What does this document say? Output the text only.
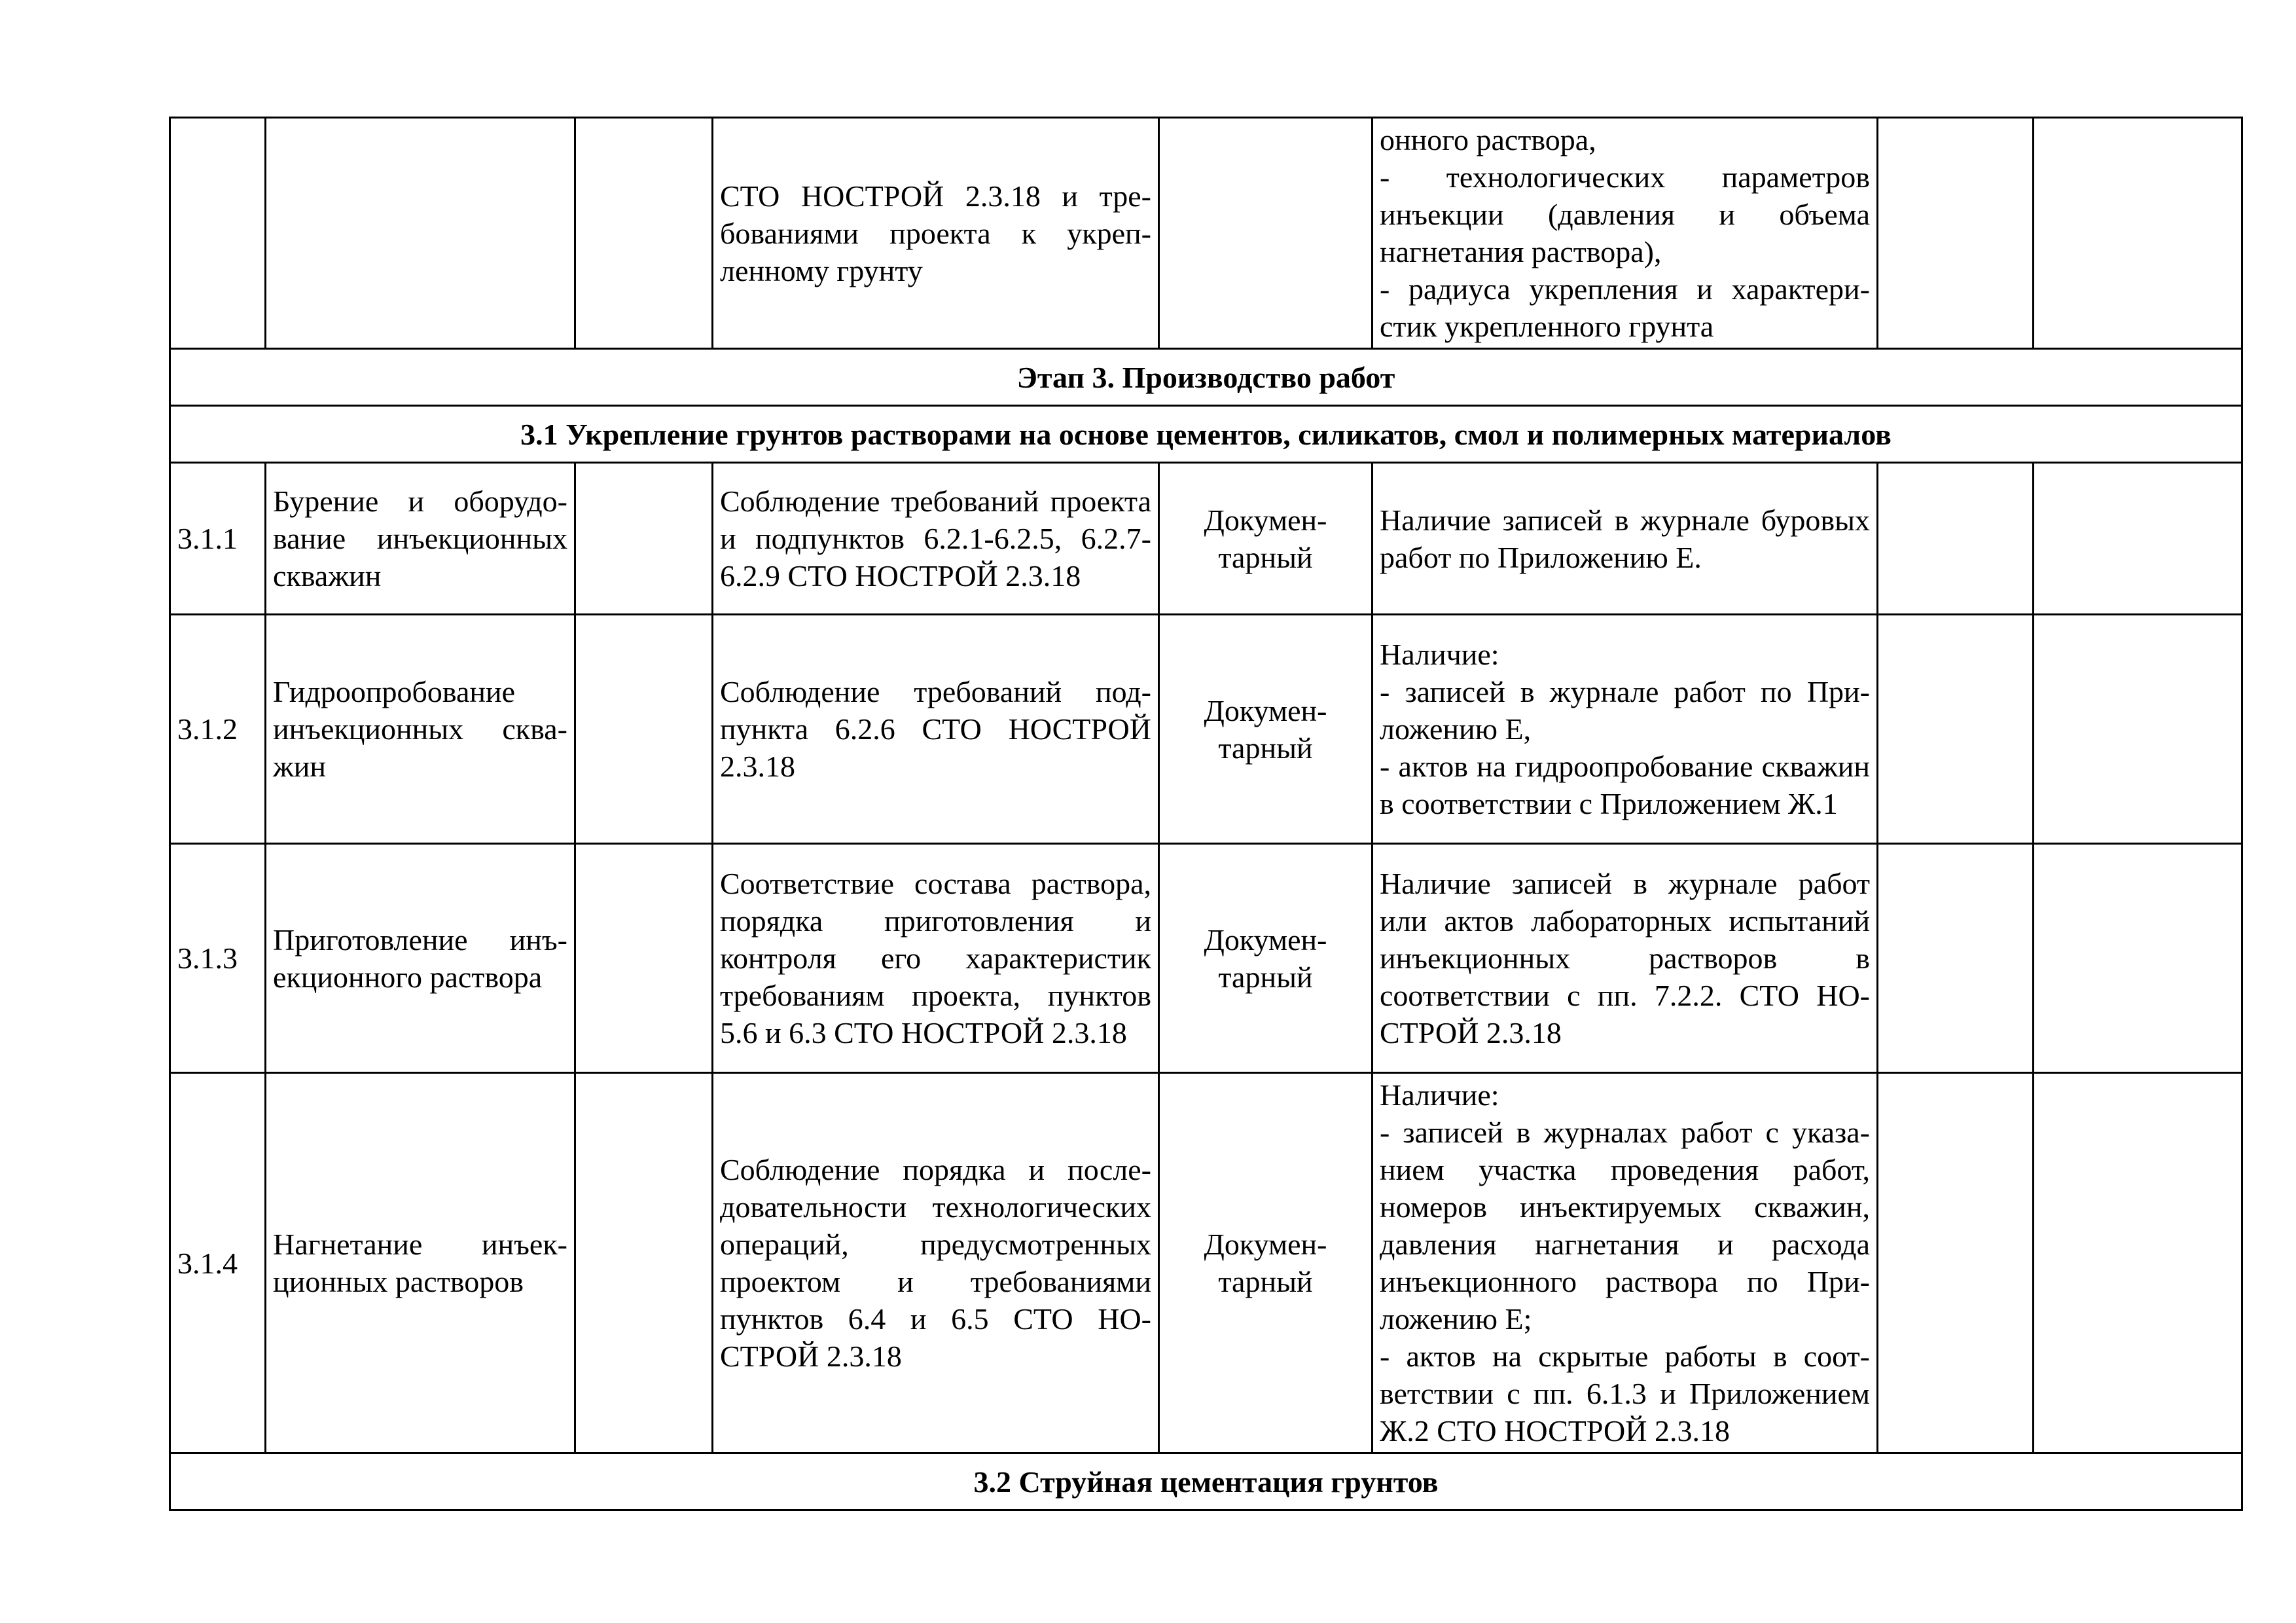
			СТО НОСТРОЙ 2.3.18 и требованиями проекта к укрепленному грунту		онного раствора,
- технологических параметров инъекции (давления и объема нагнетания раствора),
- радиуса укрепления и характеристик укрепленного грунта		

Этап 3. Производство работ							
3.1 Укрепление грунтов растворами на основе цементов, силикатов, смол и полимерных материалов							
3.1.1	Бурение и оборудование инъекционных скважин		Соблюдение требований проекта и подпунктов 6.2.1-6.2.5, 6.2.7-6.2.9 СТО НОСТРОЙ 2.3.18	Документарный	Наличие записей в журнале буровых работ по Приложению Е.		

3.1.2	Гидроопробование инъекционных скважин		Соблюдение требований подпункта 6.2.6 СТО НОСТРОЙ 2.3.18	Документарный	Наличие:
- записей в журнале работ по Приложению Е,
- актов на гидроопробование скважин в соответствии с Приложением Ж.1		

3.1.3	Приготовление инъекционного раствора		Соответствие состава раствора, порядка приготовления и контроля его характеристик требованиям проекта, пунктов 5.6 и 6.3 СТО НОСТРОЙ 2.3.18	Документарный	Наличие записей в журнале работ или актов лабораторных испытаний инъекционных растворов в соответствии с пп. 7.2.2. СТО НОСТРОЙ 2.3.18		

3.1.4	Нагнетание инъекционных растворов		Соблюдение порядка и последовательности технологических операций, предусмотренных проектом и требованиями пунктов 6.4 и 6.5 СТО НОСТРОЙ 2.3.18	Документарный	Наличие:
- записей в журналах работ с указанием участка проведения работ, номеров инъектируемых скважин, давления нагнетания и расхода инъекционного раствора по Приложению Е;
- актов на скрытые работы в соответствии с пп. 6.1.3 и Приложением Ж.2 СТО НОСТРОЙ 2.3.18		

3.2 Струйная цементация грунтов							
